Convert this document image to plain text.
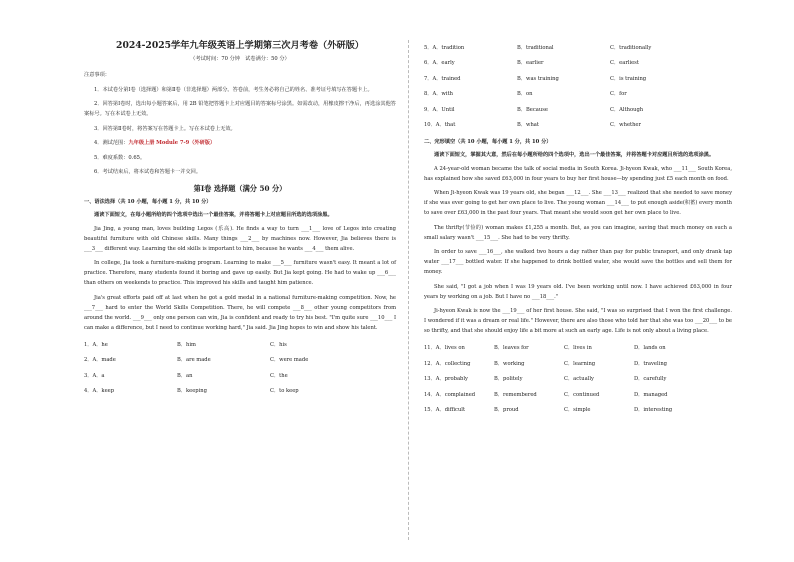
2024-2025学年九年级英语上学期第三次月考卷（外研版）
（考试时间：70 分钟　试卷满分：50 分）
注意事项：
1．本试卷分第Ⅰ卷（选择题）和第Ⅱ卷（非选择题）两部分。答卷前，考生务必将自己的姓名、准考证号填写在答题卡上。
2．回答第Ⅰ卷时，选出每小题答案后，用 2B 铅笔把答题卡上对应题目的答案标号涂黑。如需改动，用橡皮擦干净后，再选涂其他答案标号。写在本试卷上无效。
3．回答第Ⅱ卷时，将答案写在答题卡上。写在本试卷上无效。
4．测试范围：九年级上册 Module 7-9（外研版）
5．难度系数：0.65。
6．考试结束后，将本试卷和答题卡一并交回。
第Ⅰ卷 选择题（满分 50 分）
一、语法选择（共 10 小题，每小题 1 分，共 10 分）
通读下面短文，在每小题所给的四个选项中选出一个最佳答案，并将答题卡上对应题目所选的选项涂黑。
Jia Jing, a young man, loves building Legos (乐高). He finds a way to turn ___1___ love of Legos into creating beautiful furniture with old Chinese skills. Many things ___2___ by machines now. However, Jia believes there is ___3___ different way. Learning the old skills is important to him, because he wants ___4___ them alive.
In college, Jia took a furniture-making program. Learning to make ___5___ furniture wasn't easy. It meant a lot of practice. Therefore, many students found it boring and gave up easily. But Jia kept going. He had to wake up ___6___ than others on weekends to practice. This improved his skills and taught him patience.
Jia's great efforts paid off at last when he got a gold medal in a national furniture-making competition. Now, he ___7___ hard to enter the World Skills Competition. There, he will compete ___8___ other young competitors from around the world. ___9___ only one person can win, Jia is confident and ready to try his best. "I'm quite sure ___10___ I can make a difference, but I need to continue working hard," Jia said. Jia Jing hopes to win and show his talent.
1．A．he	B．him	C．his
2．A．made	B．are made	C．were made
3．A．a	B．an	C．the
4．A．keep	B．keeping	C．to keep
5．A．tradition	B．traditional	C．traditionally
6．A．early	B．earlier	C．earliest
7．A．trained	B．was training	C．is training
8．A．with	B．on	C．for
9．A．Until	B．Because	C．Although
10．A．that	B．what	C．whether
二、完形填空（共 10 小题，每小题 1 分，共 10 分）
通读下面短文，掌握其大意，然后在每小题所给的四个选项中，选出一个最佳答案，并将答题卡对应题目所选的选项涂黑。
A 24-year-old woman became the talk of social media in South Korea. Ji-hyeon Kwak, who ___11___ South Korea, has explained how she saved £63,000 in four years to buy her first house—by spending just £5 each month on food.
When Ji-hyeon Kwak was 19 years old, she began ___12___. She ___13___ realized that she needed to save money if she was ever going to get her own place to live. The young woman ___14___ to put enough aside(积蓄) every month to save over £63,000 in the past four years. That meant she would soon get her own place to live.
The thrifty(节俭的) woman makes £1,255 a month. But, as you can imagine, saving that much money on such a small salary wasn't ___15___. She had to be very thrifty.
In order to save ___16___, she walked two hours a day rather than pay for public transport, and only drank tap water ___17___ bottled water. If she happened to drink bottled water, she would save the bottles and sell them for money.
She said, "I got a job when I was 19 years old. I've been working until now. I have achieved £63,000 in four years by working on a job. But I have no ___18___."
Ji-hyeon Kwak is now the ___19___ of her first house. She said, "I was so surprised that I won the first challenge. I wondered if it was a dream or real life." However, there are also those who told her that she was too ___20___ to be so thrifty, and that she should enjoy life a bit more at such an early age. Life is not only about a living place.
11．A．lives on	B．leaves for	C．lives in	D．lands on
12．A．collecting	B．working	C．learning	D．traveling
13．A．probably	B．politely	C．actually	D．carefully
14．A．complained	B．remembered	C．continued	D．managed
15．A．difficult	B．proud	C．simple	D．interesting
